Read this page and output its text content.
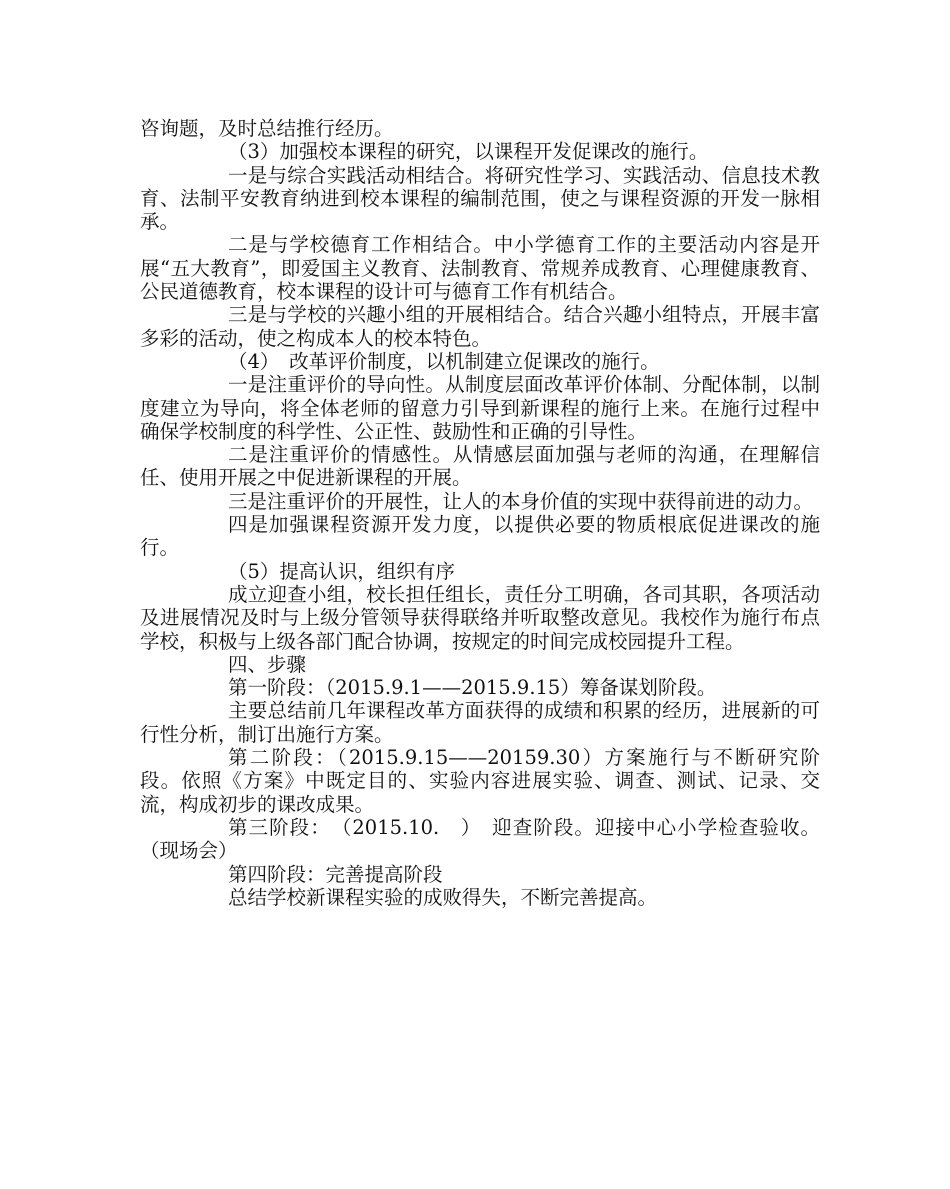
咨询题，及时总结推行经历。

（3）加强校本课程的研究，以课程开发促课改的施行。

一是与综合实践活动相结合。将研究性学习、实践活动、信息技术教育、法制平安教育纳进到校本课程的编制范围，使之与课程资源的开发一脉相承。

二是与学校德育工作相结合。中小学德育工作的主要活动内容是开展“五大教育”，即爱国主义教育、法制教育、常规养成教育、心理健康教育、公民道德教育，校本课程的设计可与德育工作有机结合。

三是与学校的兴趣小组的开展相结合。结合兴趣小组特点，开展丰富多彩的活动，使之构成本人的校本特色。

（4）　改革评价制度，以机制建立促课改的施行。

一是注重评价的导向性。从制度层面改革评价体制、分配体制，以制度建立为导向，将全体老师的留意力引导到新课程的施行上来。在施行过程中确保学校制度的科学性、公正性、鼓励性和正确的引导性。

二是注重评价的情感性。从情感层面加强与老师的沟通，在理解信任、使用开展之中促进新课程的开展。

三是注重评价的开展性，让人的本身价值的实现中获得前进的动力。

四是加强课程资源开发力度，以提供必要的物质根底促进课改的施行。

（5）提高认识，组织有序

成立迎查小组，校长担任组长，责任分工明确，各司其职，各项活动及进展情况及时与上级分管领导获得联络并听取整改意见。我校作为施行布点学校，积极与上级各部门配合协调，按规定的时间完成校园提升工程。

四、步骤

第一阶段：（2015.9.1——2015.9.15）筹备谋划阶段。

主要总结前几年课程改革方面获得的成绩和积累的经历，进展新的可行性分析，制订出施行方案。

第二阶段：（2015.9.15——20159.30）方案施行与不断研究阶段。依照《方案》中既定目的、实验内容进展实验、调查、测试、记录、交流，构成初步的课改成果。

第三阶段：　（2015.10.　）　迎查阶段。迎接中心小学检查验收。（现场会）

第四阶段：完善提高阶段

总结学校新课程实验的成败得失，不断完善提高。
